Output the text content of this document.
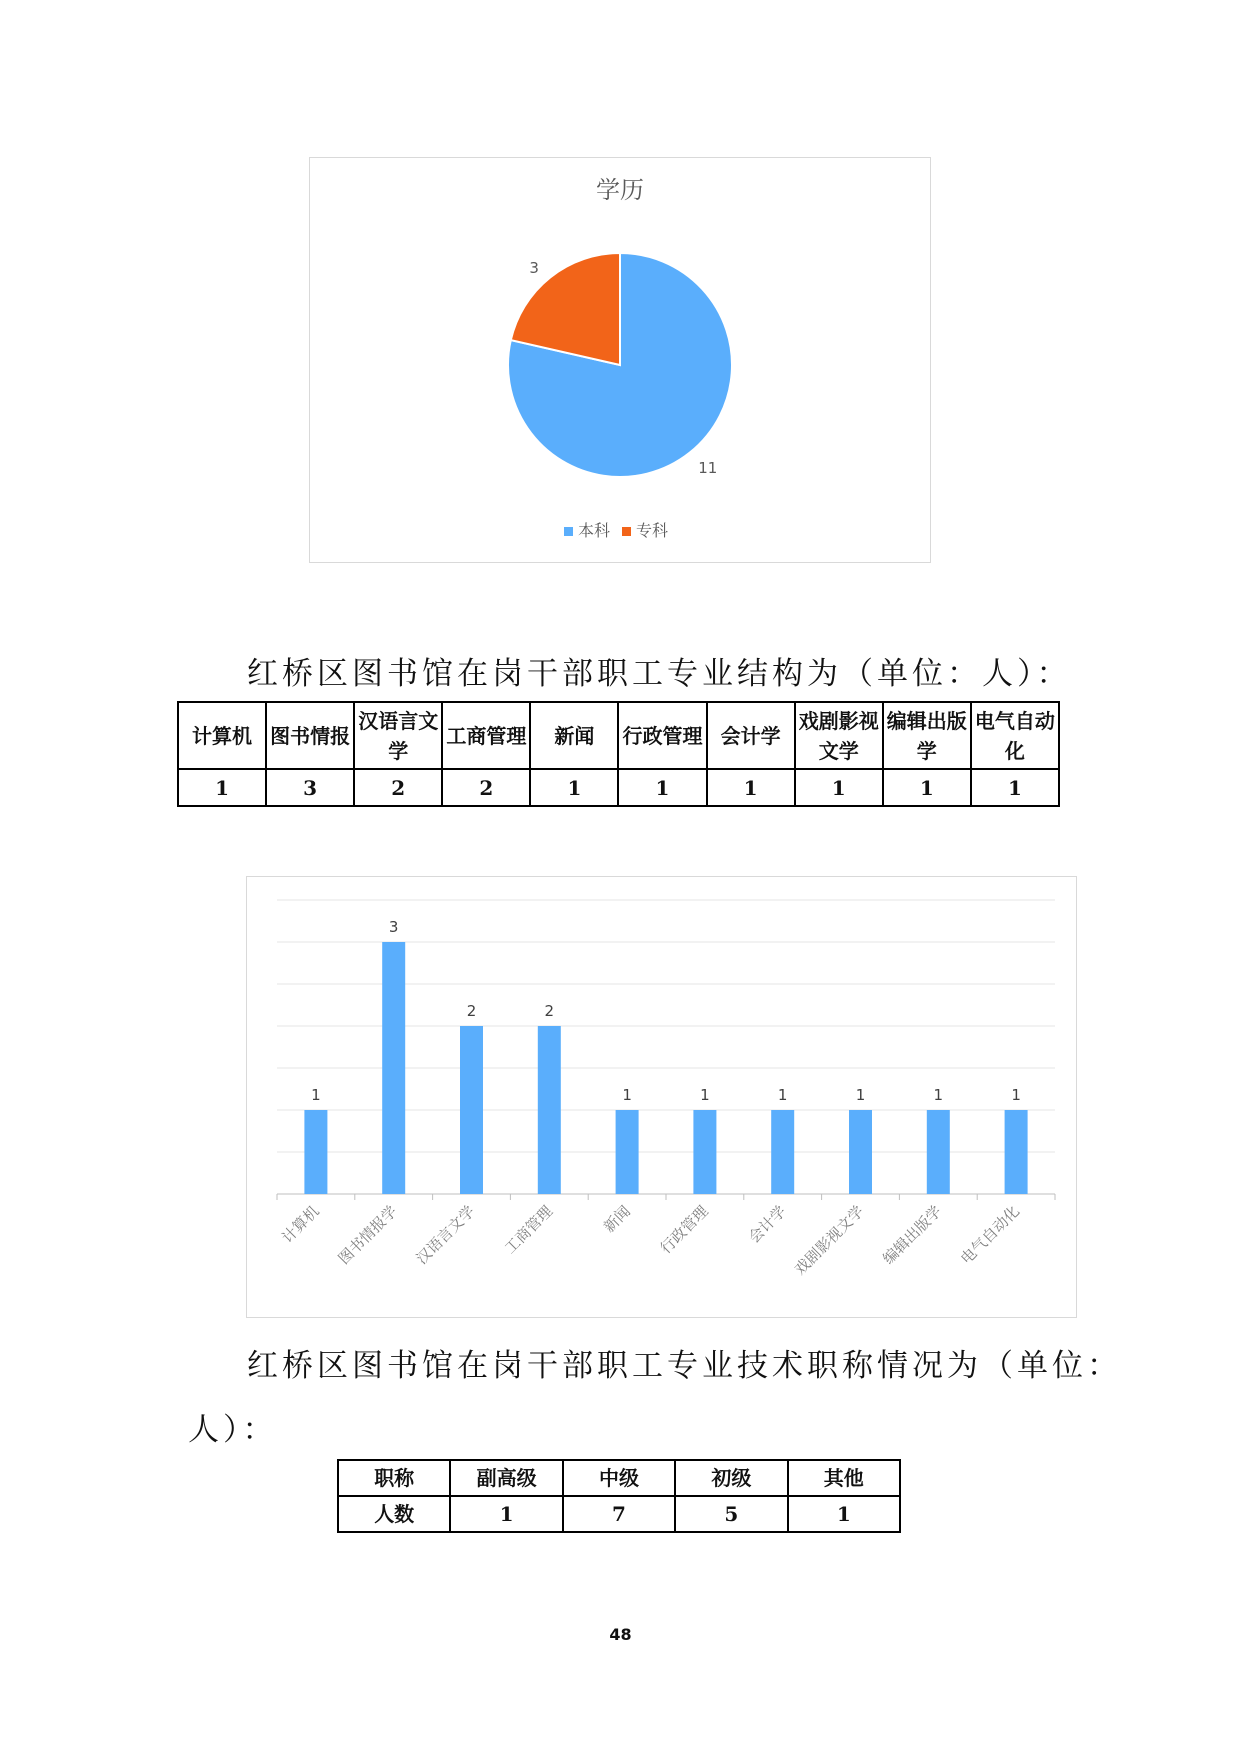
学历
11
3
本科 专科
红桥区图书馆在岗干部职工专业结构为（单位：人）：
计算机	图书情报	汉语言文学	工商管理	新闻	行政管理	会计学	戏剧影视文学	编辑出版学	电气自动化
1	3	2	2	1	1	1	1	1	1
1
3
2	2
1	1	1	1	1	1
计算机 图书情报学 汉语言文学 工商管理	新闻 行政管理 会计学 戏剧影视文学 编辑出版学 电气自动化
红桥区图书馆在岗干部职工专业技术职称情况为（单位：
人）：
职称	副高级	中级	初级	其他
人数	1	7	5	1
48
